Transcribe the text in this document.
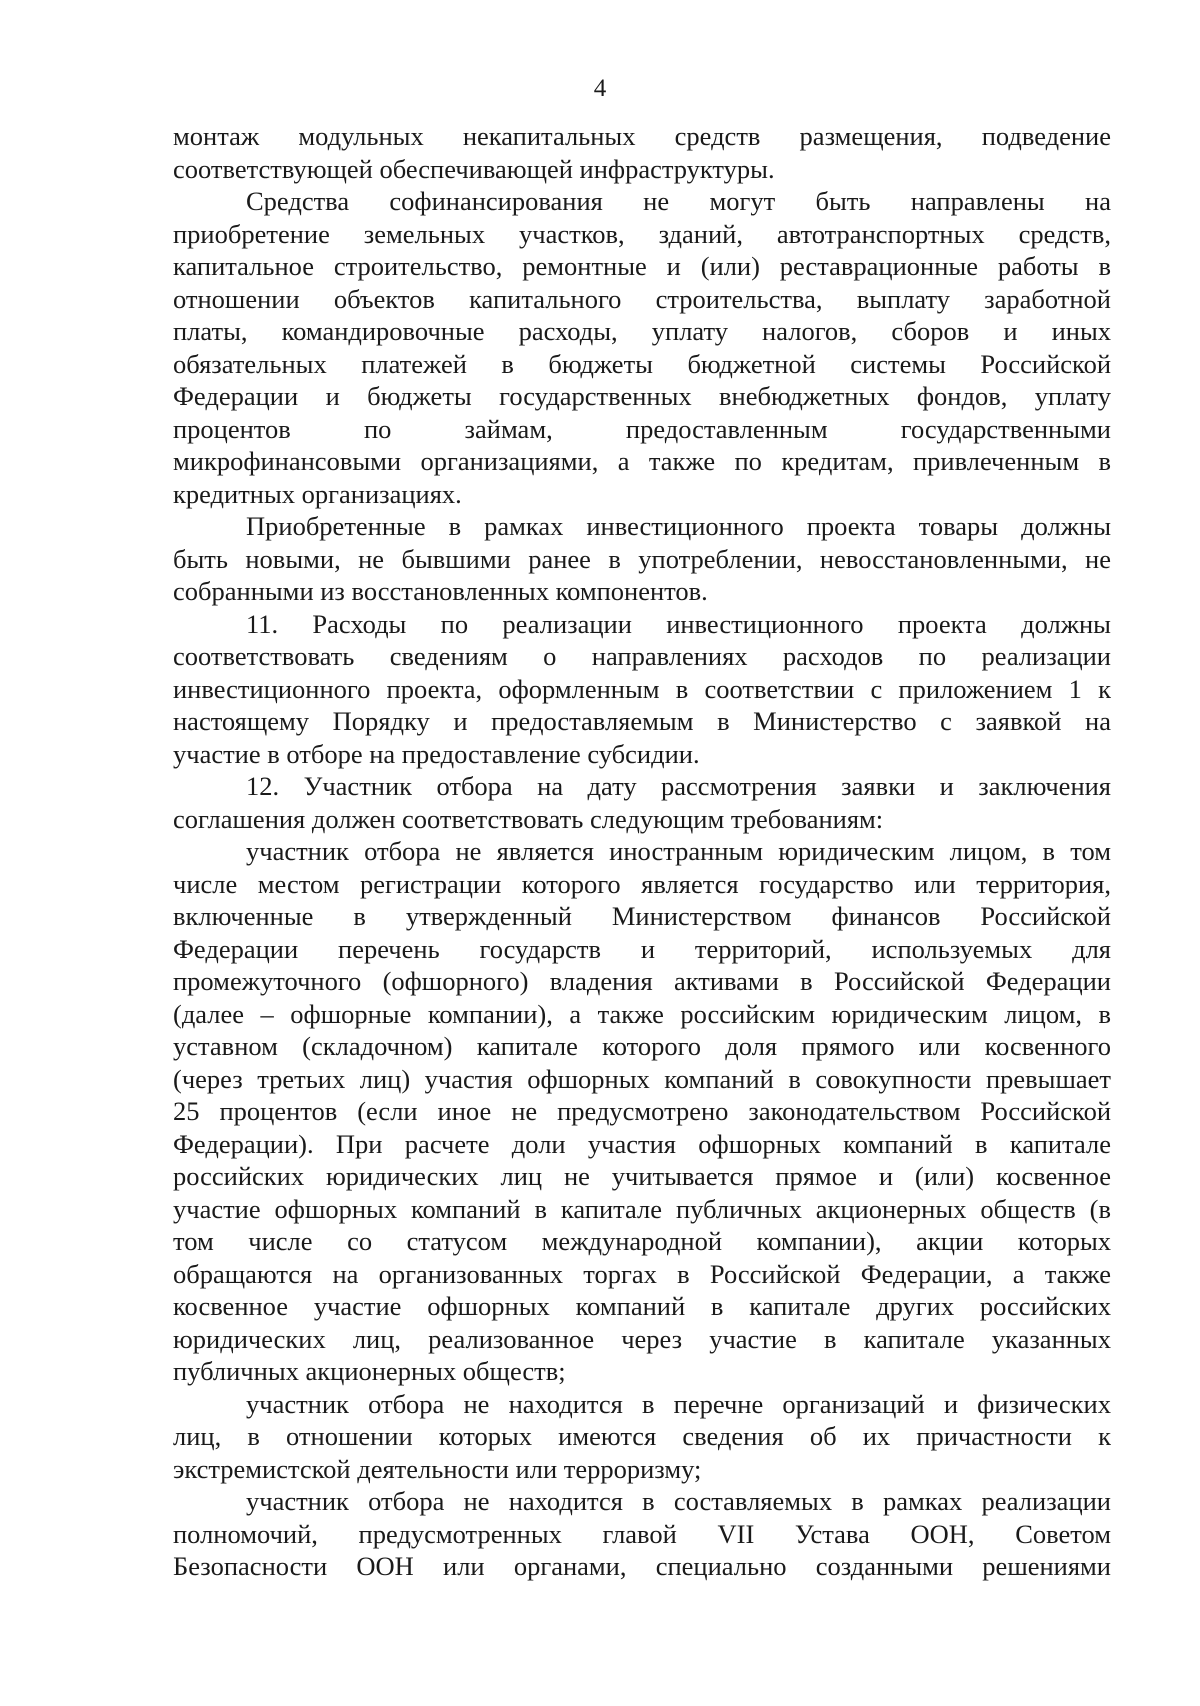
4
монтаж модульных некапитальных средств размещения, подведение
соответствующей обеспечивающей инфраструктуры.
Средства софинансирования не могут быть направлены на
приобретение земельных участков, зданий, автотранспортных средств,
капитальное строительство, ремонтные и (или) реставрационные работы в
отношении объектов капитального строительства, выплату заработной
платы, командировочные расходы, уплату налогов, сборов и иных
обязательных платежей в бюджеты бюджетной системы Российской
Федерации и бюджеты государственных внебюджетных фондов, уплату
процентов по займам, предоставленным государственными
микрофинансовыми организациями, а также по кредитам, привлеченным в
кредитных организациях.
Приобретенные в рамках инвестиционного проекта товары должны
быть новыми, не бывшими ранее в употреблении, невосстановленными, не
собранными из восстановленных компонентов.
11. Расходы по реализации инвестиционного проекта должны
соответствовать сведениям о направлениях расходов по реализации
инвестиционного проекта, оформленным в соответствии с приложением 1 к
настоящему Порядку и предоставляемым в Министерство с заявкой на
участие в отборе на предоставление субсидии.
12. Участник отбора на дату рассмотрения заявки и заключения
соглашения должен соответствовать следующим требованиям:
участник отбора не является иностранным юридическим лицом, в том
числе местом регистрации которого является государство или территория,
включенные в утвержденный Министерством финансов Российской
Федерации перечень государств и территорий, используемых для
промежуточного (офшорного) владения активами в Российской Федерации
(далее – офшорные компании), а также российским юридическим лицом, в
уставном (складочном) капитале которого доля прямого или косвенного
(через третьих лиц) участия офшорных компаний в совокупности превышает
25 процентов (если иное не предусмотрено законодательством Российской
Федерации). При расчете доли участия офшорных компаний в капитале
российских юридических лиц не учитывается прямое и (или) косвенное
участие офшорных компаний в капитале публичных акционерных обществ (в
том числе со статусом международной компании), акции которых
обращаются на организованных торгах в Российской Федерации, а также
косвенное участие офшорных компаний в капитале других российских
юридических лиц, реализованное через участие в капитале указанных
публичных акционерных обществ;
участник отбора не находится в перечне организаций и физических
лиц, в отношении которых имеются сведения об их причастности к
экстремистской деятельности или терроризму;
участник отбора не находится в составляемых в рамках реализации
полномочий, предусмотренных главой VII Устава ООН, Советом
Безопасности ООН или органами, специально созданными решениями
